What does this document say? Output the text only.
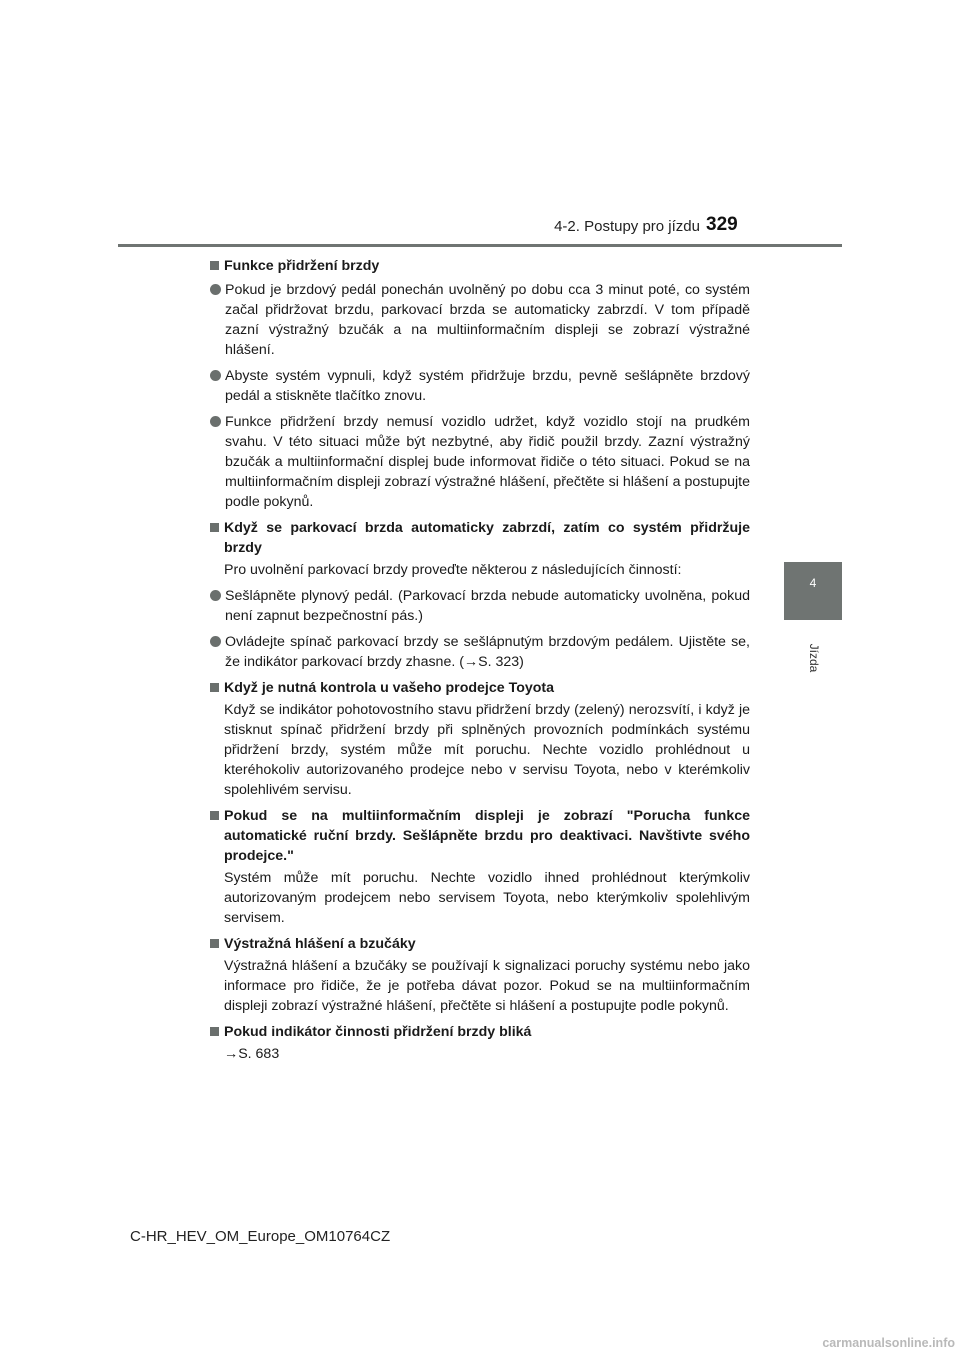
4-2. Postupy pro jízdu 329
4
Jízda
Funkce přidržení brzdy
Pokud je brzdový pedál ponechán uvolněný po dobu cca 3 minut poté, co systém začal přidržovat brzdu, parkovací brzda se automaticky zabrzdí. V tom případě zazní výstražný bzučák a na multiinformačním displeji se zobrazí výstražné hlášení.
Abyste systém vypnuli, když systém přidržuje brzdu, pevně sešlápněte brzdový pedál a stiskněte tlačítko znovu.
Funkce přidržení brzdy nemusí vozidlo udržet, když vozidlo stojí na prudkém svahu. V této situaci může být nezbytné, aby řidič použil brzdy. Zazní výstražný bzučák a multiinformační displej bude informovat řidiče o této situaci. Pokud se na multiinformačním displeji zobrazí výstražné hlášení, přečtěte si hlášení a postupujte podle pokynů.
Když se parkovací brzda automaticky zabrzdí, zatím co systém přidržuje brzdy
Pro uvolnění parkovací brzdy proveďte některou z následujících činností:
Sešlápněte plynový pedál. (Parkovací brzda nebude automaticky uvolněna, pokud není zapnut bezpečnostní pás.)
Ovládejte spínač parkovací brzdy se sešlápnutým brzdovým pedálem. Ujistěte se, že indikátor parkovací brzdy zhasne. (→S. 323)
Když je nutná kontrola u vašeho prodejce Toyota
Když se indikátor pohotovostního stavu přidržení brzdy (zelený) nerozsvítí, i když je stisknut spínač přidržení brzdy při splněných provozních podmínkách systému přidržení brzdy, systém může mít poruchu. Nechte vozidlo prohlédnout u kteréhokoliv autorizovaného prodejce nebo v servisu Toyota, nebo v kterémkoliv spolehlivém servisu.
Pokud se na multiinformačním displeji je zobrazí "Porucha funkce automatické ruční brzdy. Sešlápněte brzdu pro deaktivaci. Navštivte svého prodejce."
Systém může mít poruchu. Nechte vozidlo ihned prohlédnout kterýmkoliv autorizovaným prodejcem nebo servisem Toyota, nebo kterýmkoliv spolehlivým servisem.
Výstražná hlášení a bzučáky
Výstražná hlášení a bzučáky se používají k signalizaci poruchy systému nebo jako informace pro řidiče, že je potřeba dávat pozor. Pokud se na multiinformačním displeji zobrazí výstražné hlášení, přečtěte si hlášení a postupujte podle pokynů.
Pokud indikátor činnosti přidržení brzdy bliká
→S. 683
C-HR_HEV_OM_Europe_OM10764CZ
carmanualsonline.info
